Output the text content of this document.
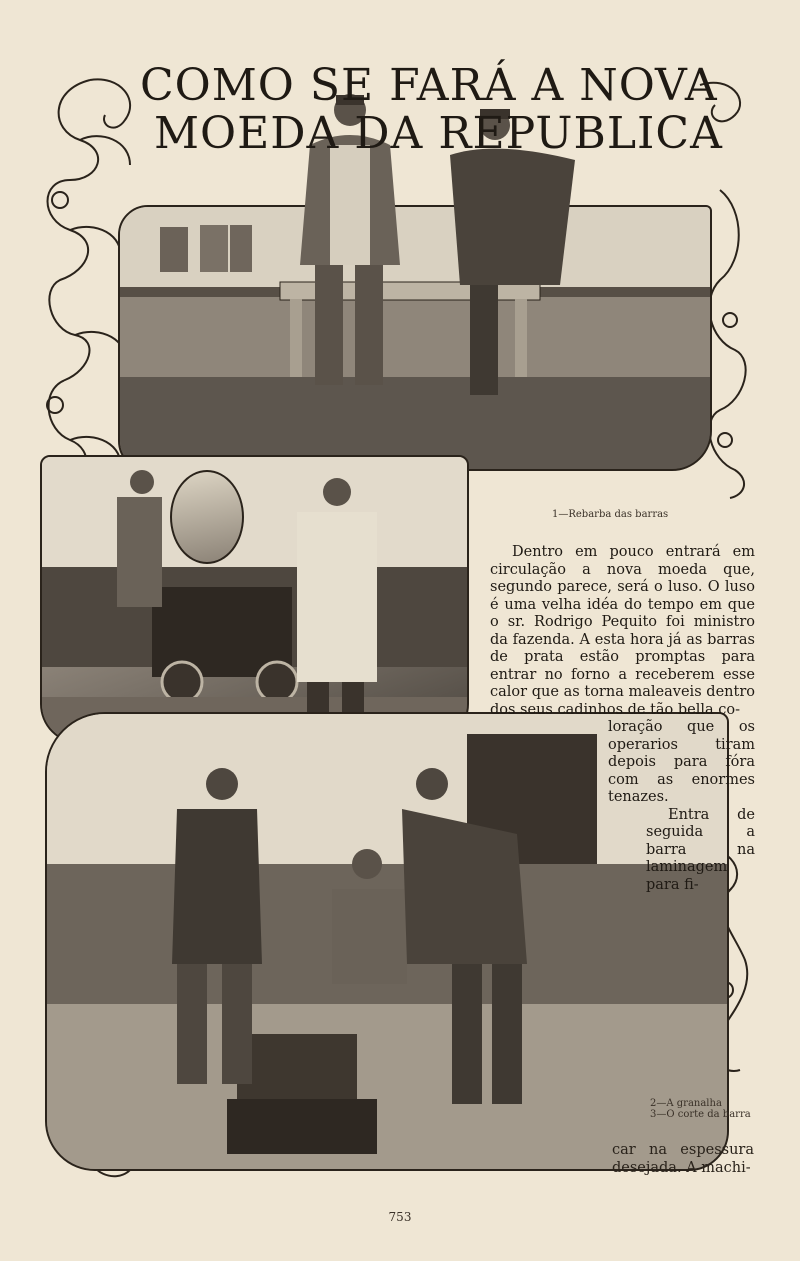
COMO SE FARÁ A NOVA
MOEDA DA REPUBLICA
1—Rebarba das barras
2—A granalha
3—O corte da barra

Dentro em pouco entrará em circulação a nova moeda que, segundo parece, será o luso. O luso é uma velha idéa do tempo em que o sr. Rodrigo Pequito foi ministro da fazenda. A esta hora já as barras de prata estão promptas para entrar no forno a receberem esse calor que as torna maleaveis dentro dos seus cadinhos de tão bella co-

loração que os operarios tiram depois para fóra com as enormes tenazes.

Entra de seguida a barra na laminagem para fi-

car na espessura desejada. A machi-
753
